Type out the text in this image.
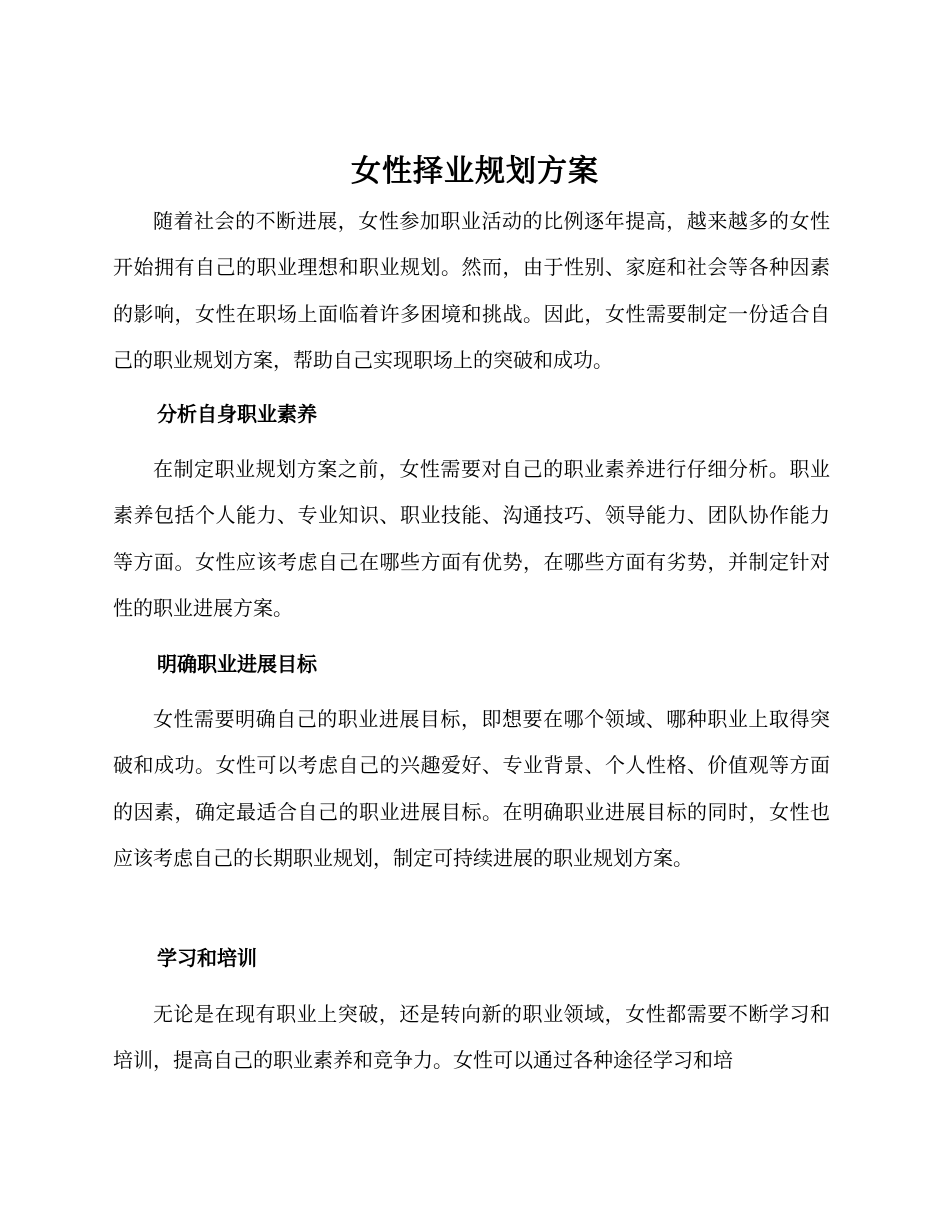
女性择业规划方案

随着社会的不断进展，女性参加职业活动的比例逐年提高，越来越多的女性开始拥有自己的职业理想和职业规划。然而，由于性别、家庭和社会等各种因素的影响，女性在职场上面临着许多困境和挑战。因此，女性需要制定一份适合自己的职业规划方案，帮助自己实现职场上的突破和成功。

分析自身职业素养

在制定职业规划方案之前，女性需要对自己的职业素养进行仔细分析。职业素养包括个人能力、专业知识、职业技能、沟通技巧、领导能力、团队协作能力等方面。女性应该考虑自己在哪些方面有优势，在哪些方面有劣势，并制定针对性的职业进展方案。

明确职业进展目标

女性需要明确自己的职业进展目标，即想要在哪个领域、哪种职业上取得突破和成功。女性可以考虑自己的兴趣爱好、专业背景、个人性格、价值观等方面的因素，确定最适合自己的职业进展目标。在明确职业进展目标的同时，女性也应该考虑自己的长期职业规划，制定可持续进展的职业规划方案。

学习和培训

无论是在现有职业上突破，还是转向新的职业领域，女性都需要不断学习和培训，提高自己的职业素养和竞争力。女性可以通过各种途径学习和培
